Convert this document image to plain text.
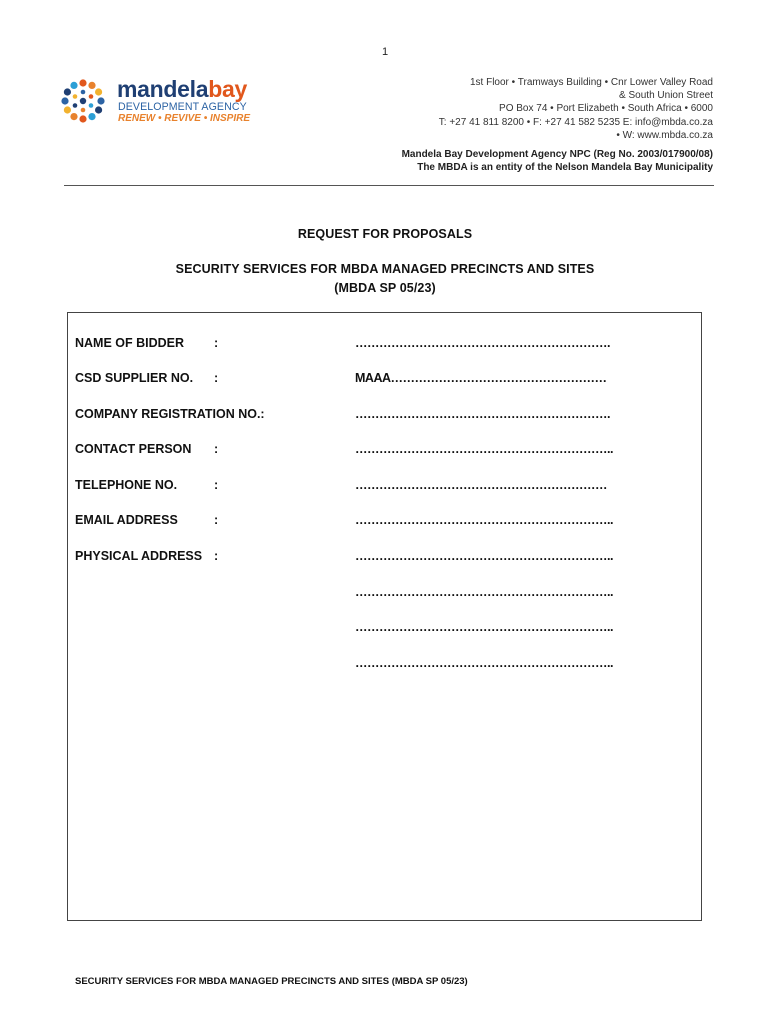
1
mandelabay
DEVELOPMENT AGENCY
RENEW • REVIVE • INSPIRE
1st Floor • Tramways Building • Cnr Lower Valley Road
& South Union Street
PO Box 74 • Port Elizabeth • South Africa • 6000
T: +27 41 811 8200 • F: +27 41 582 5235 E: info@mbda.co.za
• W: www.mbda.co.za
Mandela Bay Development Agency NPC (Reg No. 2003/017900/08)
The MBDA is an entity of the Nelson Mandela Bay Municipality
REQUEST FOR PROPOSALS
SECURITY SERVICES FOR MBDA MANAGED PRECINCTS AND SITES
(MBDA SP 05/23)
NAME OF BIDDER :	……………………………………………………….
CSD SUPPLIER NO. :	MAAA………………………………………………
COMPANY REGISTRATION NO.:	……………………………………………………….
CONTACT PERSON :	………………………………………………………..
TELEPHONE NO.	:	………………………………………………………
EMAIL ADDRESS	:	………………………………………………………..
PHYSICAL ADDRESS :	………………………………………………………..
………………………………………………………..
………………………………………………………..
………………………………………………………..
SECURITY SERVICES FOR MBDA MANAGED PRECINCTS AND SITES (MBDA SP 05/23)
